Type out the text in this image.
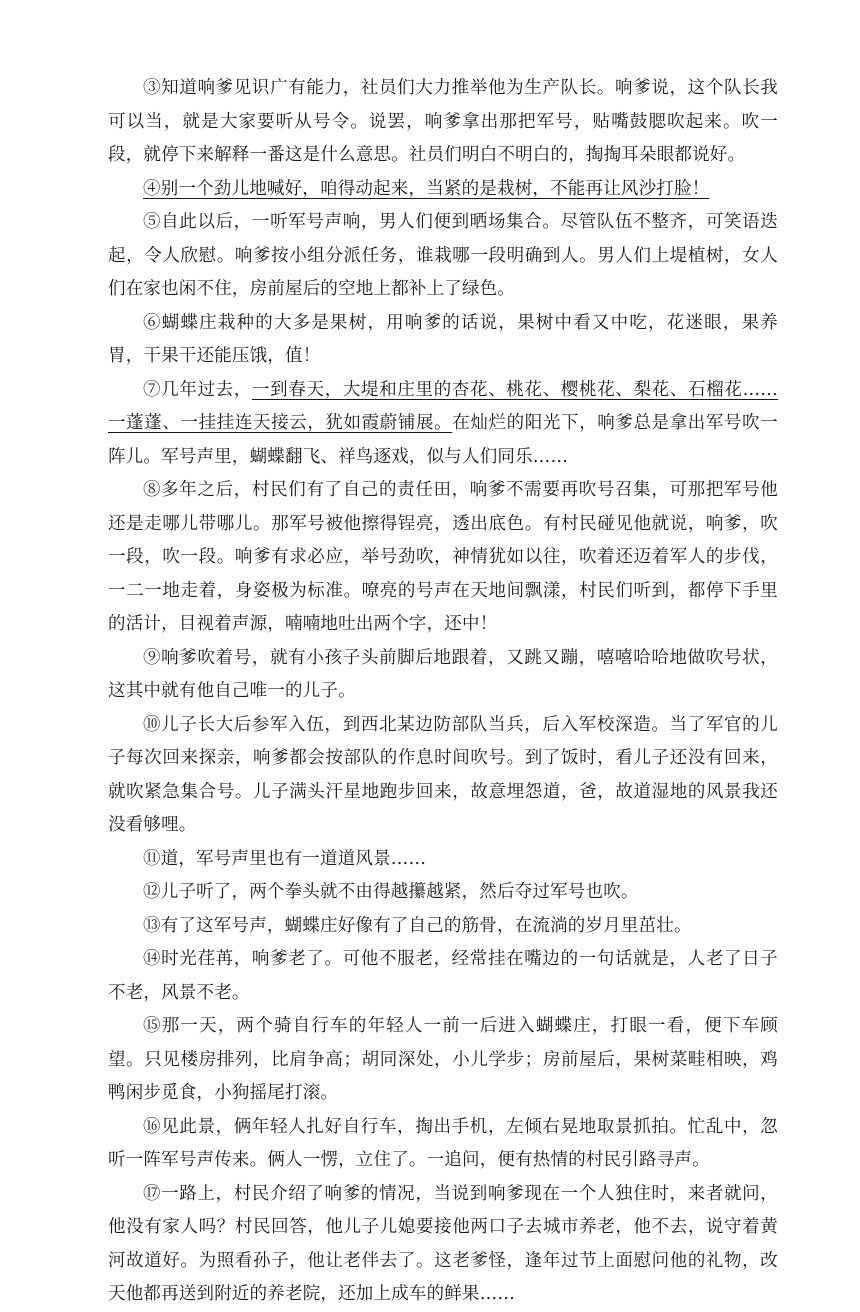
③知道响爹见识广有能力，社员们大力推举他为生产队长。响爹说，这个队长我可以当，就是大家要听从号令。说罢，响爹拿出那把军号，贴嘴鼓腮吹起来。吹一段，就停下来解释一番这是什么意思。社员们明白不明白的，掏掏耳朵眼都说好。

④别一个劲儿地喊好，咱得动起来，当紧的是栽树，不能再让风沙打脸！

⑤自此以后，一听军号声响，男人们便到晒场集合。尽管队伍不整齐，可笑语迭起，令人欣慰。响爹按小组分派任务，谁栽哪一段明确到人。男人们上堤植树，女人们在家也闲不住，房前屋后的空地上都补上了绿色。

⑥蝴蝶庄栽种的大多是果树，用响爹的话说，果树中看又中吃，花迷眼，果养胃，干果干还能压饿，值！

⑦几年过去，一到春天，大堤和庄里的杏花、桃花、樱桃花、梨花、石榴花……一蓬蓬、一挂挂连天接云，犹如霞蔚铺展。在灿烂的阳光下，响爹总是拿出军号吹一阵儿。军号声里，蝴蝶翻飞、祥鸟逐戏，似与人们同乐……

⑧多年之后，村民们有了自己的责任田，响爹不需要再吹号召集，可那把军号他还是走哪儿带哪儿。那军号被他擦得锃亮，透出底色。有村民碰见他就说，响爹，吹一段，吹一段。响爹有求必应，举号劲吹，神情犹如以往，吹着还迈着军人的步伐，一二一地走着，身姿极为标准。嘹亮的号声在天地间飘漾，村民们听到，都停下手里的活计，目视着声源，喃喃地吐出两个字，还中！

⑨响爹吹着号，就有小孩子头前脚后地跟着，又跳又蹦，嘻嘻哈哈地做吹号状，这其中就有他自己唯一的儿子。

⑩儿子长大后参军入伍，到西北某边防部队当兵，后入军校深造。当了军官的儿子每次回来探亲，响爹都会按部队的作息时间吹号。到了饭时，看儿子还没有回来，就吹紧急集合号。儿子满头汗星地跑步回来，故意埋怨道，爸，故道湿地的风景我还没看够哩。

⑪道，军号声里也有一道道风景……

⑫儿子听了，两个拳头就不由得越攥越紧，然后夺过军号也吹。

⑬有了这军号声，蝴蝶庄好像有了自己的筋骨，在流淌的岁月里茁壮。

⑭时光荏苒，响爹老了。可他不服老，经常挂在嘴边的一句话就是，人老了日子不老，风景不老。

⑮那一天，两个骑自行车的年轻人一前一后进入蝴蝶庄，打眼一看，便下车顾望。只见楼房排列，比肩争高；胡同深处，小儿学步；房前屋后，果树菜畦相映，鸡鸭闲步觅食，小狗摇尾打滚。

⑯见此景，俩年轻人扎好自行车，掏出手机，左倾右晃地取景抓拍。忙乱中，忽听一阵军号声传来。俩人一愣，立住了。一追问，便有热情的村民引路寻声。

⑰一路上，村民介绍了响爹的情况，当说到响爹现在一个人独住时，来者就问，他没有家人吗？村民回答，他儿子儿媳要接他两口子去城市养老，他不去，说守着黄河故道好。为照看孙子，他让老伴去了。这老爹怪，逢年过节上面慰问他的礼物，改天他都再送到附近的养老院，还加上成车的鲜果……
